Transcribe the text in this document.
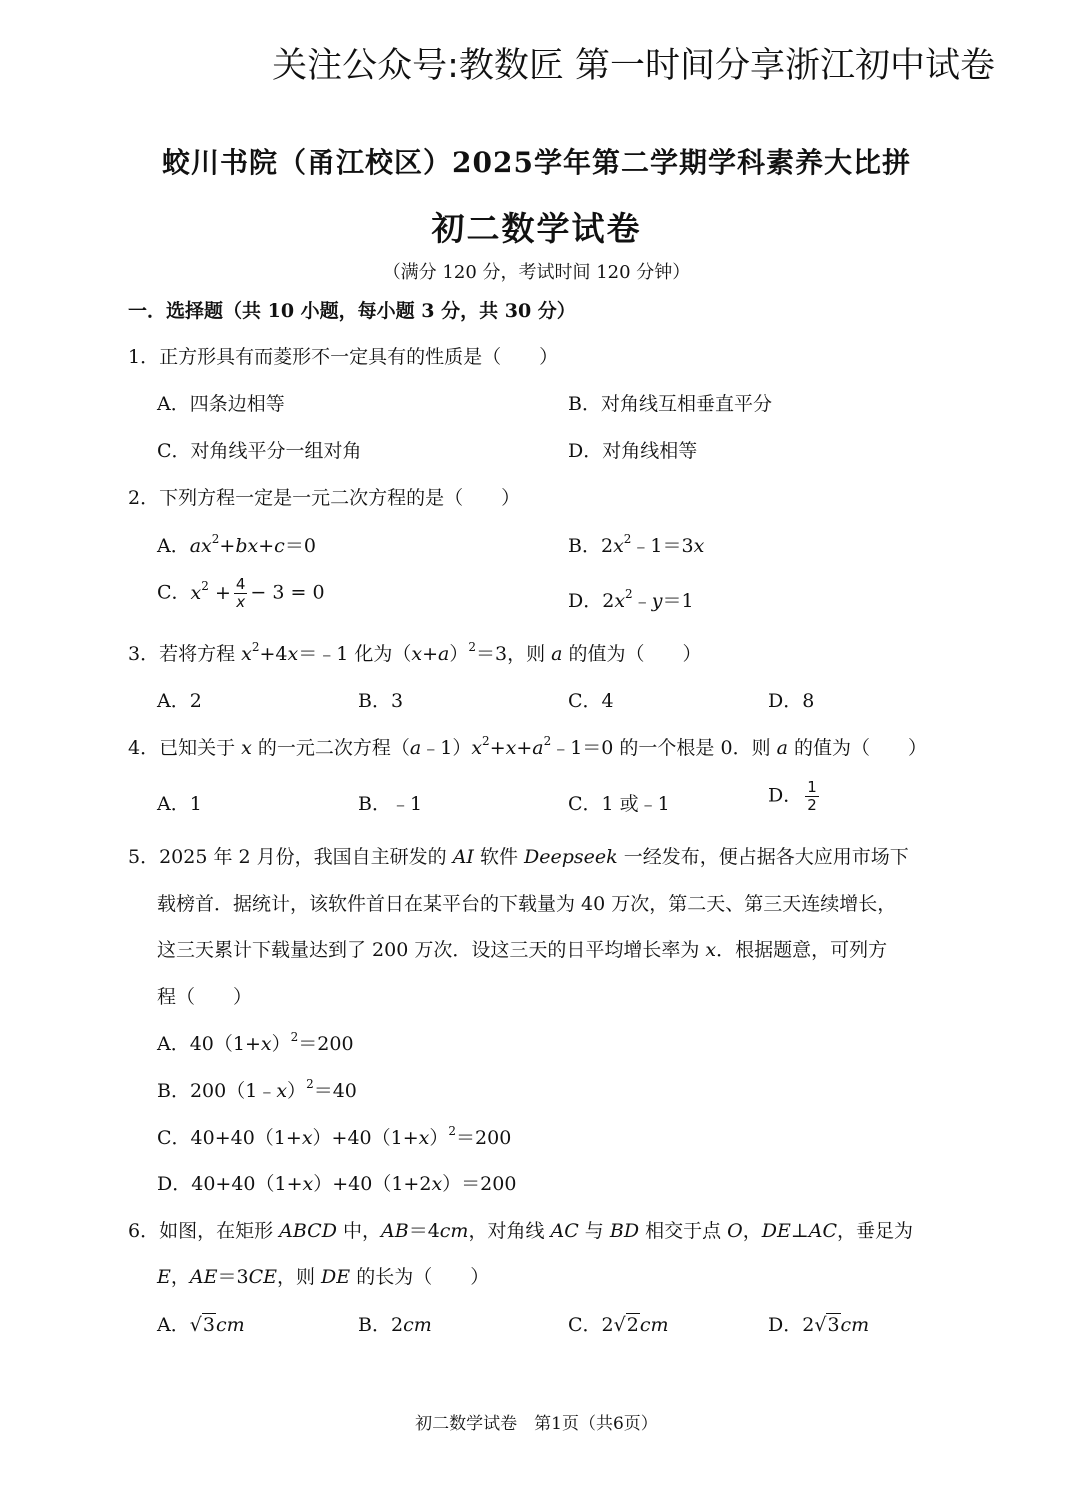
关注公众号:教数匠 第一时间分享浙江初中试卷
蛟川书院（甬江校区）2025学年第二学期学科素养大比拼
初二数学试卷
（满分 120 分，考试时间 120 分钟）
一．选择题（共 10 小题，每小题 3 分，共 30 分）
1．正方形具有而菱形不一定具有的性质是（　　）
A．四条边相等	B．对角线互相垂直平分
C．对角线平分一组对角	D．对角线相等
2．下列方程一定是一元二次方程的是（　　）
A．$ax^2+bx+c=0$	B．$2x^2﹣1=3x$
C．$x^2 + \frac{4}{x} - 3 = 0$	D．$2x^2﹣y=1$
3．若将方程 $x^2+4x=﹣1$ 化为$(x+a)^2=3$，则 a 的值为（　　）
A．2	B．3	C．4	D．8
4．已知关于 x 的一元二次方程$(a﹣1)x^2+x+a^2﹣1=0$ 的一个根是 0．则 a 的值为（　　）
A．1	B．﹣1	C．1 或﹣1	D． $\frac{1}{2}$
5．2025 年 2 月份，我国自主研发的 AI 软件 Deepseek 一经发布，便占据各大应用市场下
载榜首．据统计，该软件首日在某平台的下载量为 40 万次，第二天、第三天连续增长，
这三天累计下载量达到了 200 万次．设这三天的日平均增长率为 x．根据题意，可列方
程（　　）
A．$40(1+x)^2=200$
B．200（1﹣x）$^2$＝40
C．$40+40(1+x)+40(1+x)^2=200$
D．40+40（1+x）+40（1+2x）＝200
6．如图，在矩形 ABCD 中，AB＝4cm，对角线 AC 与 BD 相交于点 O，DE⊥AC，垂足为
E，AE＝3CE，则 DE 的长为（　　）
A．√3cm	B．2cm	C．2√2cm	D．2√3cm
初二数学试卷　第1页（共6页）
